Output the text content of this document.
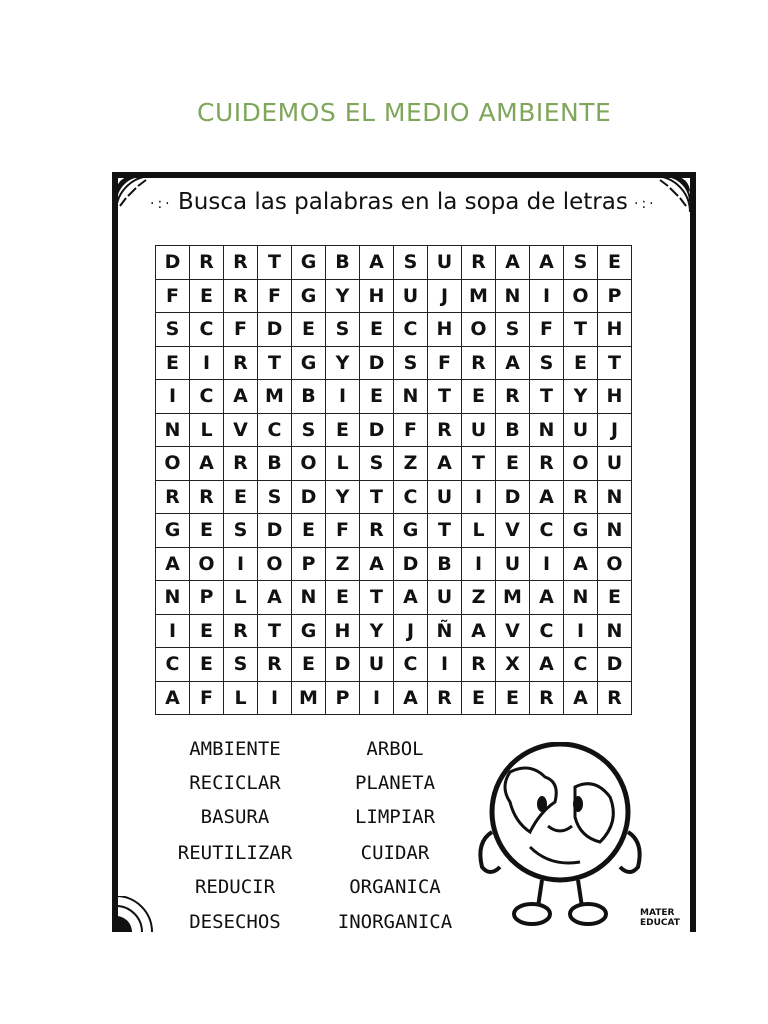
CUIDEMOS EL MEDIO AMBIENTE
·:·	·:·
Busca las palabras en la sopa de letras
D	R	R	T	G	B	A	S	U	R	A	A	S	E
F	E	R	F	G	Y	H	U	J	M	N	I	O	P
S	C	F	D	E	S	E	C	H	O	S	F	T	H
E	I	R	T	G	Y	D	S	F	R	A	S	E	T
I	C	A	M	B	I	E	N	T	E	R	T	Y	H
N	L	V	C	S	E	D	F	R	U	B	N	U	J
O	A	R	B	O	L	S	Z	A	T	E	R	O	U
R	R	E	S	D	Y	T	C	U	I	D	A	R	N
G	E	S	D	E	F	R	G	T	L	V	C	G	N
A	O	I	O	P	Z	A	D	B	I	U	I	A	O
N	P	L	A	N	E	T	A	U	Z	M	A	N	E
I	E	R	T	G	H	Y	J	Ñ	A	V	C	I	N
C	E	S	R	E	D	U	C	I	R	X	A	C	D
A	F	L	I	M	P	I	A	R	E	E	R	A	R
AMBIENTE
RECICLAR
BASURA
REUTILIZAR
REDUCIR
DESECHOS
ARBOL
PLANETA
LIMPIAR
CUIDAR
ORGANICA
INORGANICA	MATER EDUCAT
